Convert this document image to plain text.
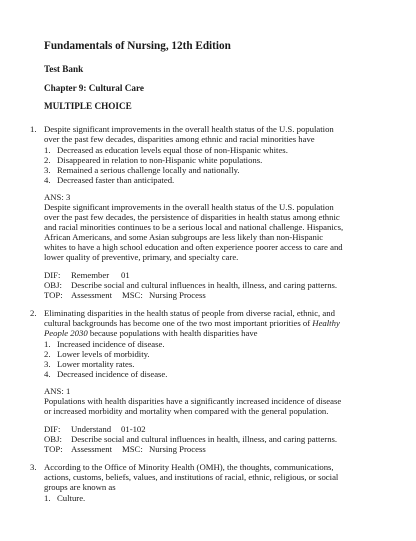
Fundamentals of Nursing, 12th Edition
Test Bank
Chapter 9: Cultural Care
MULTIPLE CHOICE
1. Despite significant improvements in the overall health status of the U.S. population
over the past few decades, disparities among ethnic and racial minorities have
1. Decreased as education levels equal those of non-Hispanic whites.
2. Disappeared in relation to non-Hispanic white populations.
3. Remained a serious challenge locally and nationally.
4. Decreased faster than anticipated.
ANS: 3
Despite significant improvements in the overall health status of the U.S. population
over the past few decades, the persistence of disparities in health status among ethnic
and racial minorities continues to be a serious local and national challenge. Hispanics,
African Americans, and some Asian subgroups are less likely than non-Hispanic
whites to have a high school education and often experience poorer access to care and
lower quality of preventive, primary, and specialty care.
DIF: Remember 01
OBJ: Describe social and cultural influences in health, illness, and caring patterns.
TOP: Assessment MSC: Nursing Process
2. Eliminating disparities in the health status of people from diverse racial, ethnic, and
cultural backgrounds has become one of the two most important priorities of Healthy
People 2030 because populations with health disparities have
1. Increased incidence of disease.
2. Lower levels of morbidity.
3. Lower mortality rates.
4. Decreased incidence of disease.
ANS: 1
Populations with health disparities have a significantly increased incidence of disease
or increased morbidity and mortality when compared with the general population.
DIF: Understand 01-102
OBJ: Describe social and cultural influences in health, illness, and caring patterns.
TOP: Assessment MSC: Nursing Process
3. According to the Office of Minority Health (OMH), the thoughts, communications,
actions, customs, beliefs, values, and institutions of racial, ethnic, religious, or social
groups are known as
1. Culture.
